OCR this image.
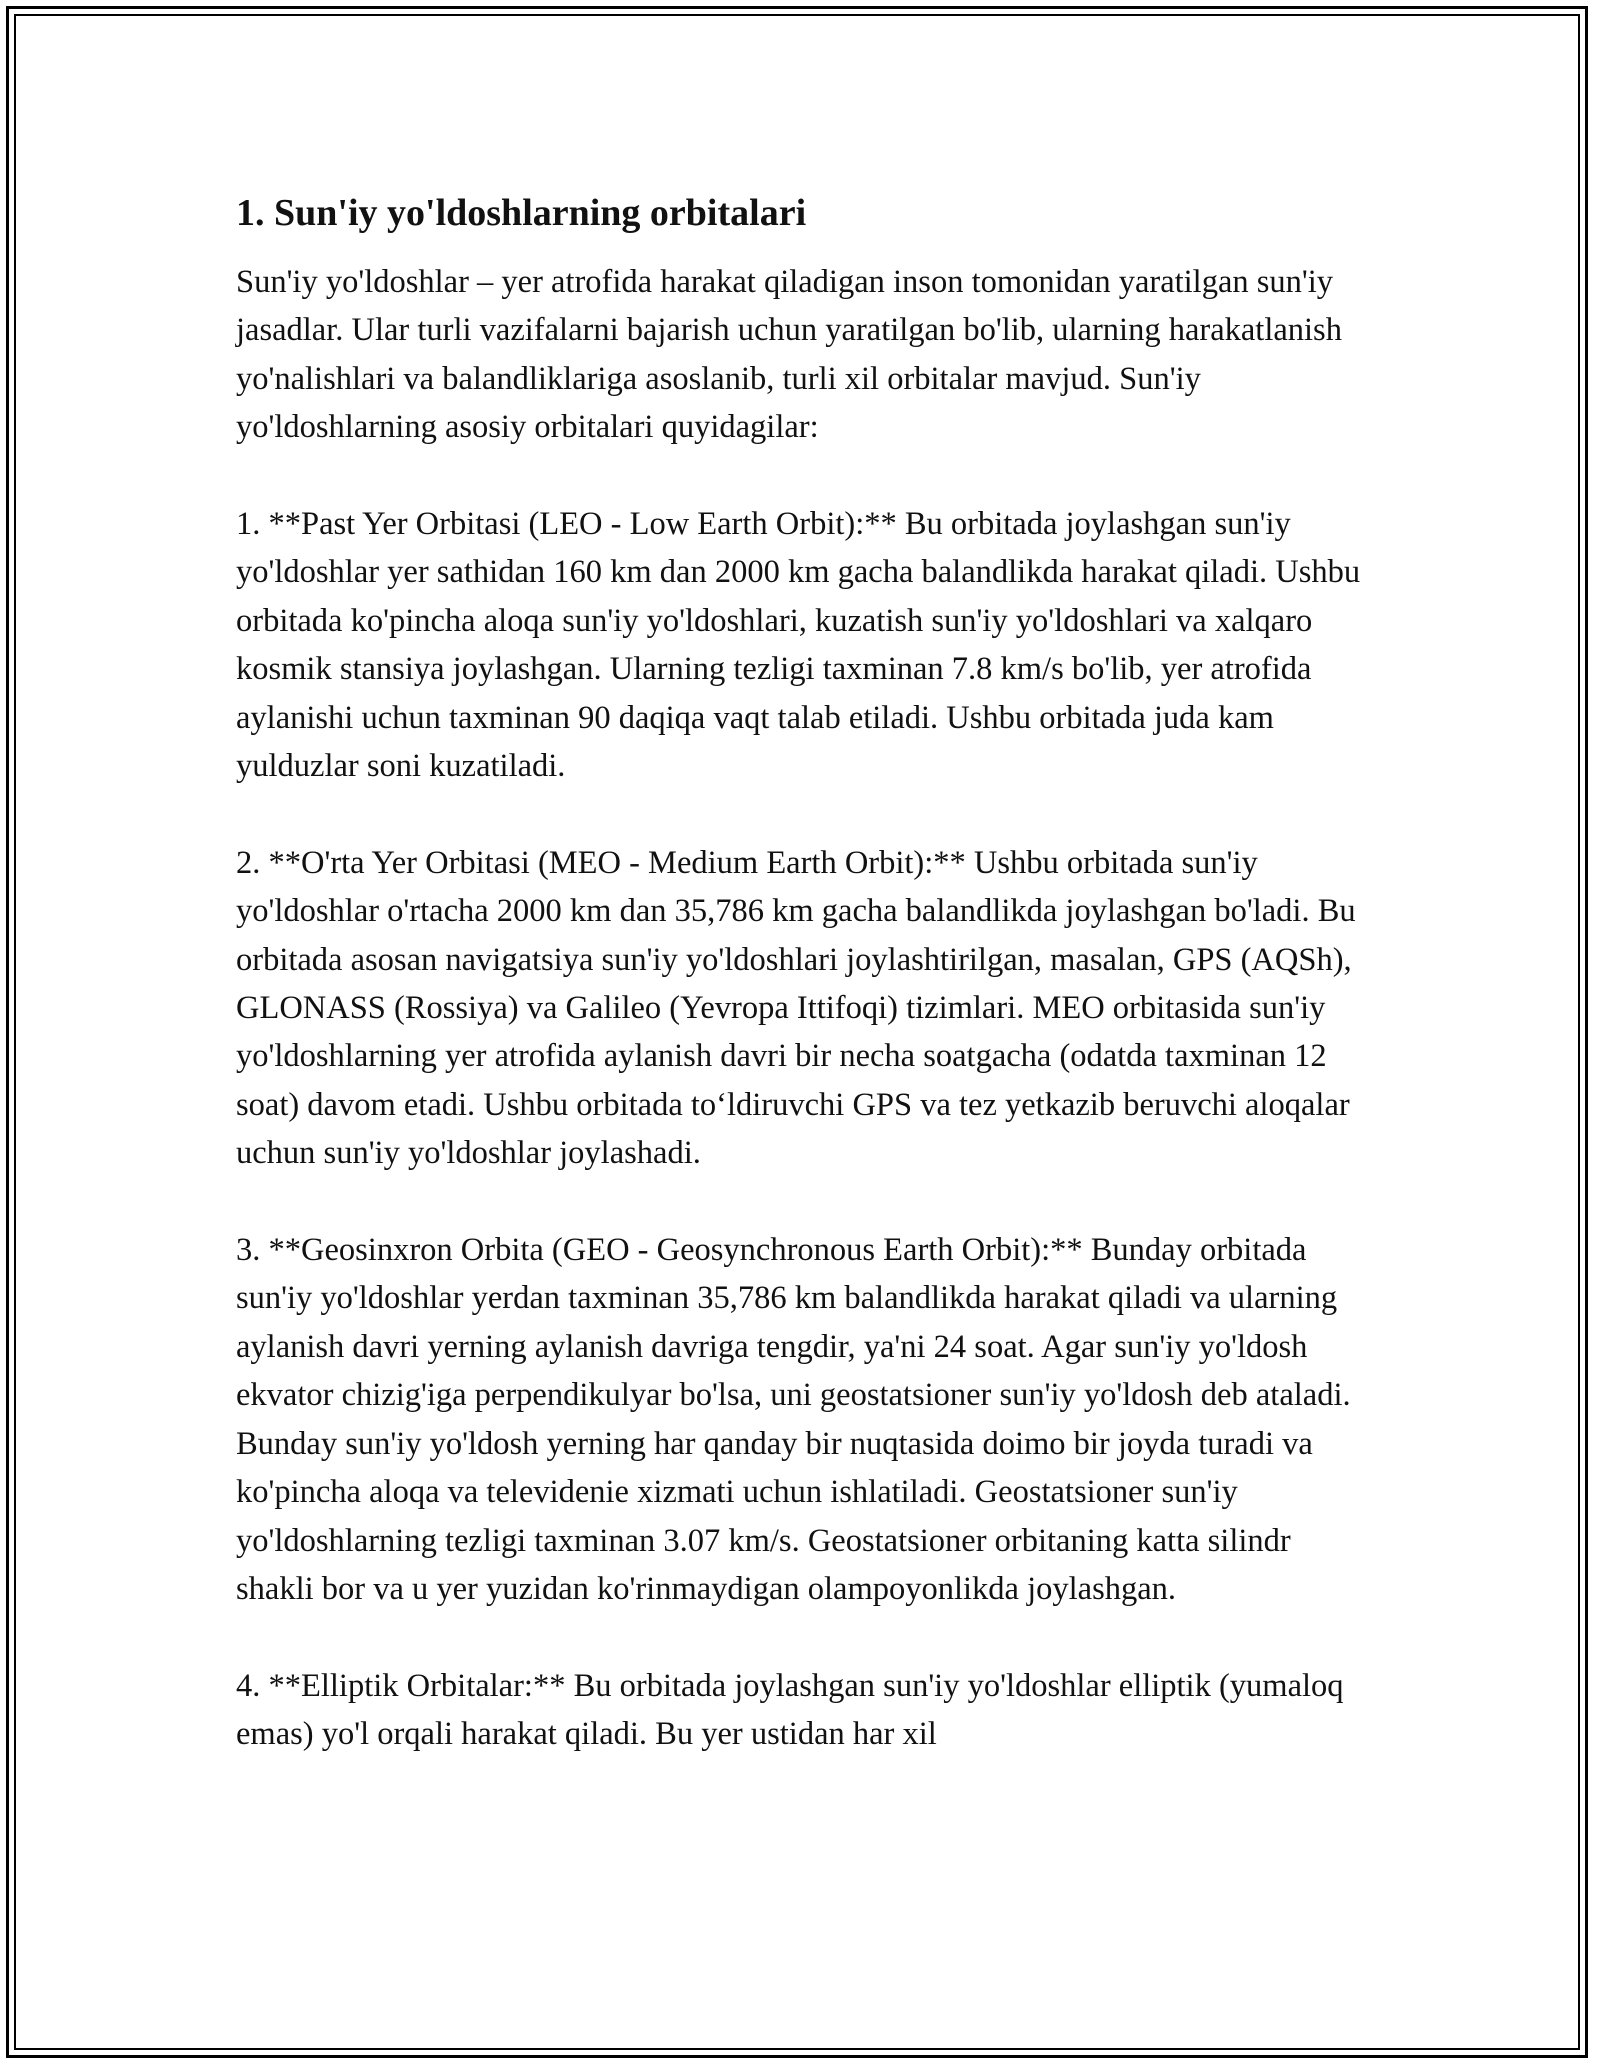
1. Sun'iy yo'ldoshlarning orbitalari

Sun'iy yo'ldoshlar – yer atrofida harakat qiladigan inson tomonidan yaratilgan sun'iy jasadlar. Ular turli vazifalarni bajarish uchun yaratilgan bo'lib, ularning harakatlanish yo'nalishlari va balandliklariga asoslanib, turli xil orbitalar mavjud. Sun'iy yo'ldoshlarning asosiy orbitalari quyidagilar:

1. **Past Yer Orbitasi (LEO - Low Earth Orbit):** Bu orbitada joylashgan sun'iy yo'ldoshlar yer sathidan 160 km dan 2000 km gacha balandlikda harakat qiladi. Ushbu orbitada ko'pincha aloqa sun'iy yo'ldoshlari, kuzatish sun'iy yo'ldoshlari va xalqaro kosmik stansiya joylashgan. Ularning tezligi taxminan 7.8 km/s bo'lib, yer atrofida aylanishi uchun taxminan 90 daqiqa vaqt talab etiladi. Ushbu orbitada juda kam yulduzlar soni kuzatiladi.

2. **O'rta Yer Orbitasi (MEO - Medium Earth Orbit):** Ushbu orbitada sun'iy yo'ldoshlar o'rtacha 2000 km dan 35,786 km gacha balandlikda joylashgan bo'ladi. Bu orbitada asosan navigatsiya sun'iy yo'ldoshlari joylashtirilgan, masalan, GPS (AQSh), GLONASS (Rossiya) va Galileo (Yevropa Ittifoqi) tizimlari. MEO orbitasida sun'iy yo'ldoshlarning yer atrofida aylanish davri bir necha soatgacha (odatda taxminan 12 soat) davom etadi. Ushbu orbitada to‘ldiruvchi GPS va tez yetkazib beruvchi aloqalar uchun sun'iy yo'ldoshlar joylashadi.

3. **Geosinxron Orbita (GEO - Geosynchronous Earth Orbit):** Bunday orbitada sun'iy yo'ldoshlar yerdan taxminan 35,786 km balandlikda harakat qiladi va ularning aylanish davri yerning aylanish davriga tengdir, ya'ni 24 soat. Agar sun'iy yo'ldosh ekvator chizig'iga perpendikulyar bo'lsa, uni geostatsioner sun'iy yo'ldosh deb ataladi. Bunday sun'iy yo'ldosh yerning har qanday bir nuqtasida doimo bir joyda turadi va ko'pincha aloqa va televidenie xizmati uchun ishlatiladi. Geostatsioner sun'iy yo'ldoshlarning tezligi taxminan 3.07 km/s. Geostatsioner orbitaning katta silindr shakli bor va u yer yuzidan ko'rinmaydigan olampoyonlikda joylashgan.

4. **Elliptik Orbitalar:** Bu orbitada joylashgan sun'iy yo'ldoshlar elliptik (yumaloq emas) yo'l orqali harakat qiladi. Bu yer ustidan har xil
